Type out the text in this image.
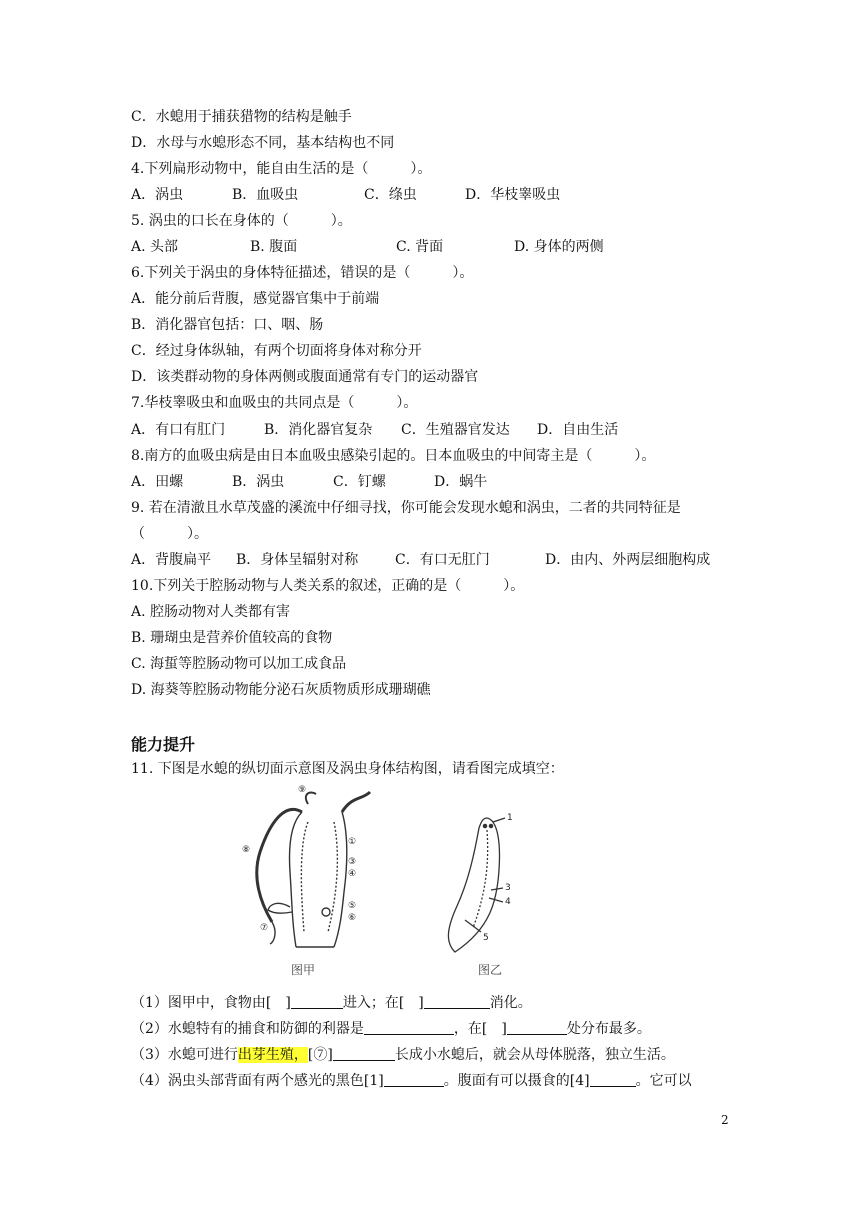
C．水螅用于捕获猎物的结构是触手
D．水母与水螅形态不同，基本结构也不同
4.下列扁形动物中，能自由生活的是（　　　）。
A．涡虫	B．血吸虫	C．绦虫	D．华枝睾吸虫
5. 涡虫的口长在身体的（　　　）。
A. 头部	B. 腹面	C. 背面	D. 身体的两侧
6.下列关于涡虫的身体特征描述，错误的是（　　　）。
A．能分前后背腹，感觉器官集中于前端
B．消化器官包括：口、咽、肠
C．经过身体纵轴，有两个切面将身体对称分开
D．该类群动物的身体两侧或腹面通常有专门的运动器官
7.华枝睾吸虫和血吸虫的共同点是（　　　）。
A．有口有肛门	B．消化器官复杂 C．生殖器官发达 D．自由生活
8.南方的血吸虫病是由日本血吸虫感染引起的。日本血吸虫的中间寄主是（　　　）。
A．田螺	B．涡虫	C．钉螺	D．蜗牛
9. 若在清澈且水草茂盛的溪流中仔细寻找，你可能会发现水螅和涡虫，二者的共同特征是
（　　　）。
A．背腹扁平 B．身体呈辐射对称	C．有口无肛门	D．由内、外两层细胞构成
10.下列关于腔肠动物与人类关系的叙述，正确的是（　　　）。
A. 腔肠动物对人类都有害
B. 珊瑚虫是营养价值较高的食物
C. 海蜇等腔肠动物可以加工成食品
D. 海葵等腔肠动物能分泌石灰质物质形成珊瑚礁
能力提升
11. 下图是水螅的纵切面示意图及涡虫身体结构图，请看图完成填空：
⑨
①
③
④
⑤
⑥
⑦
⑧
图甲
1
3
4
5
图乙
（1）图甲中，食物由[　]	进入；在[　]	消化。
（2）水螅特有的捕食和防御的利器是	，在[　]	处分布最多。
（3）水螅可进行出芽生殖，[⑦]	长成小水螅后，就会从母体脱落，独立生活。
（4）涡虫头部背面有两个感光的黑色[1]	。腹面有可以摄食的[4]	。它可以
2
